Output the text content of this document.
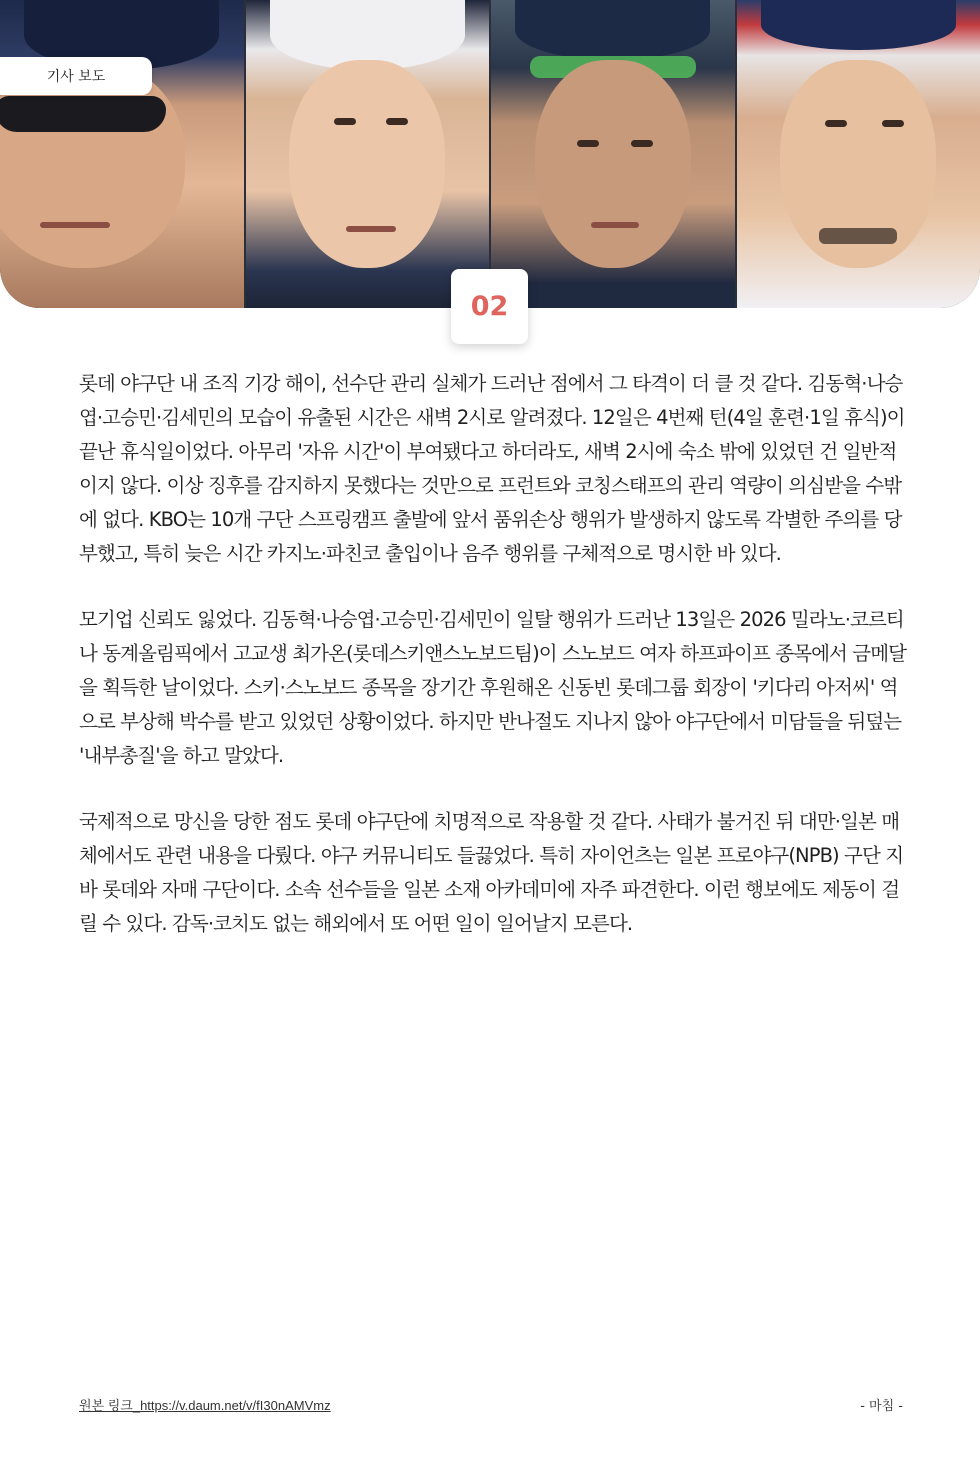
기사 보도
02

롯데 야구단 내 조직 기강 해이, 선수단 관리 실체가 드러난 점에서 그 타격이 더 클 것 같다. 김동혁·나승엽·고승민·김세민의 모습이 유출된 시간은 새벽 2시로 알려졌다. 12일은 4번째 턴(4일 훈련·1일 휴식)이 끝난 휴식일이었다. 아무리 '자유 시간'이 부여됐다고 하더라도, 새벽 2시에 숙소 밖에 있었던 건 일반적이지 않다. 이상 징후를 감지하지 못했다는 것만으로 프런트와 코칭스태프의 관리 역량이 의심받을 수밖에 없다. KBO는 10개 구단 스프링캠프 출발에 앞서 품위손상 행위가 발생하지 않도록 각별한 주의를 당부했고, 특히 늦은 시간 카지노·파친코 출입이나 음주 행위를 구체적으로 명시한 바 있다.

모기업 신뢰도 잃었다. 김동혁·나승엽·고승민·김세민이 일탈 행위가 드러난 13일은 2026 밀라노·코르티나 동계올림픽에서 고교생 최가온(롯데스키앤스노보드팀)이 스노보드 여자 하프파이프 종목에서 금메달을 획득한 날이었다. 스키·스노보드 종목을 장기간 후원해온 신동빈 롯데그룹 회장이 '키다리 아저씨' 역으로 부상해 박수를 받고 있었던 상황이었다. 하지만 반나절도 지나지 않아 야구단에서 미담들을 뒤덮는 '내부총질'을 하고 말았다.

국제적으로 망신을 당한 점도 롯데 야구단에 치명적으로 작용할 것 같다. 사태가 불거진 뒤 대만·일본 매체에서도 관련 내용을 다뤘다. 야구 커뮤니티도 들끓었다. 특히 자이언츠는 일본 프로야구(NPB) 구단 지바 롯데와 자매 구단이다. 소속 선수들을 일본 소재 아카데미에 자주 파견한다. 이런 행보에도 제동이 걸릴 수 있다. 감독·코치도 없는 해외에서 또 어떤 일이 일어날지 모른다.

원본 링크_https://v.daum.net/v/fI30nAMVmz	- 마침 -
